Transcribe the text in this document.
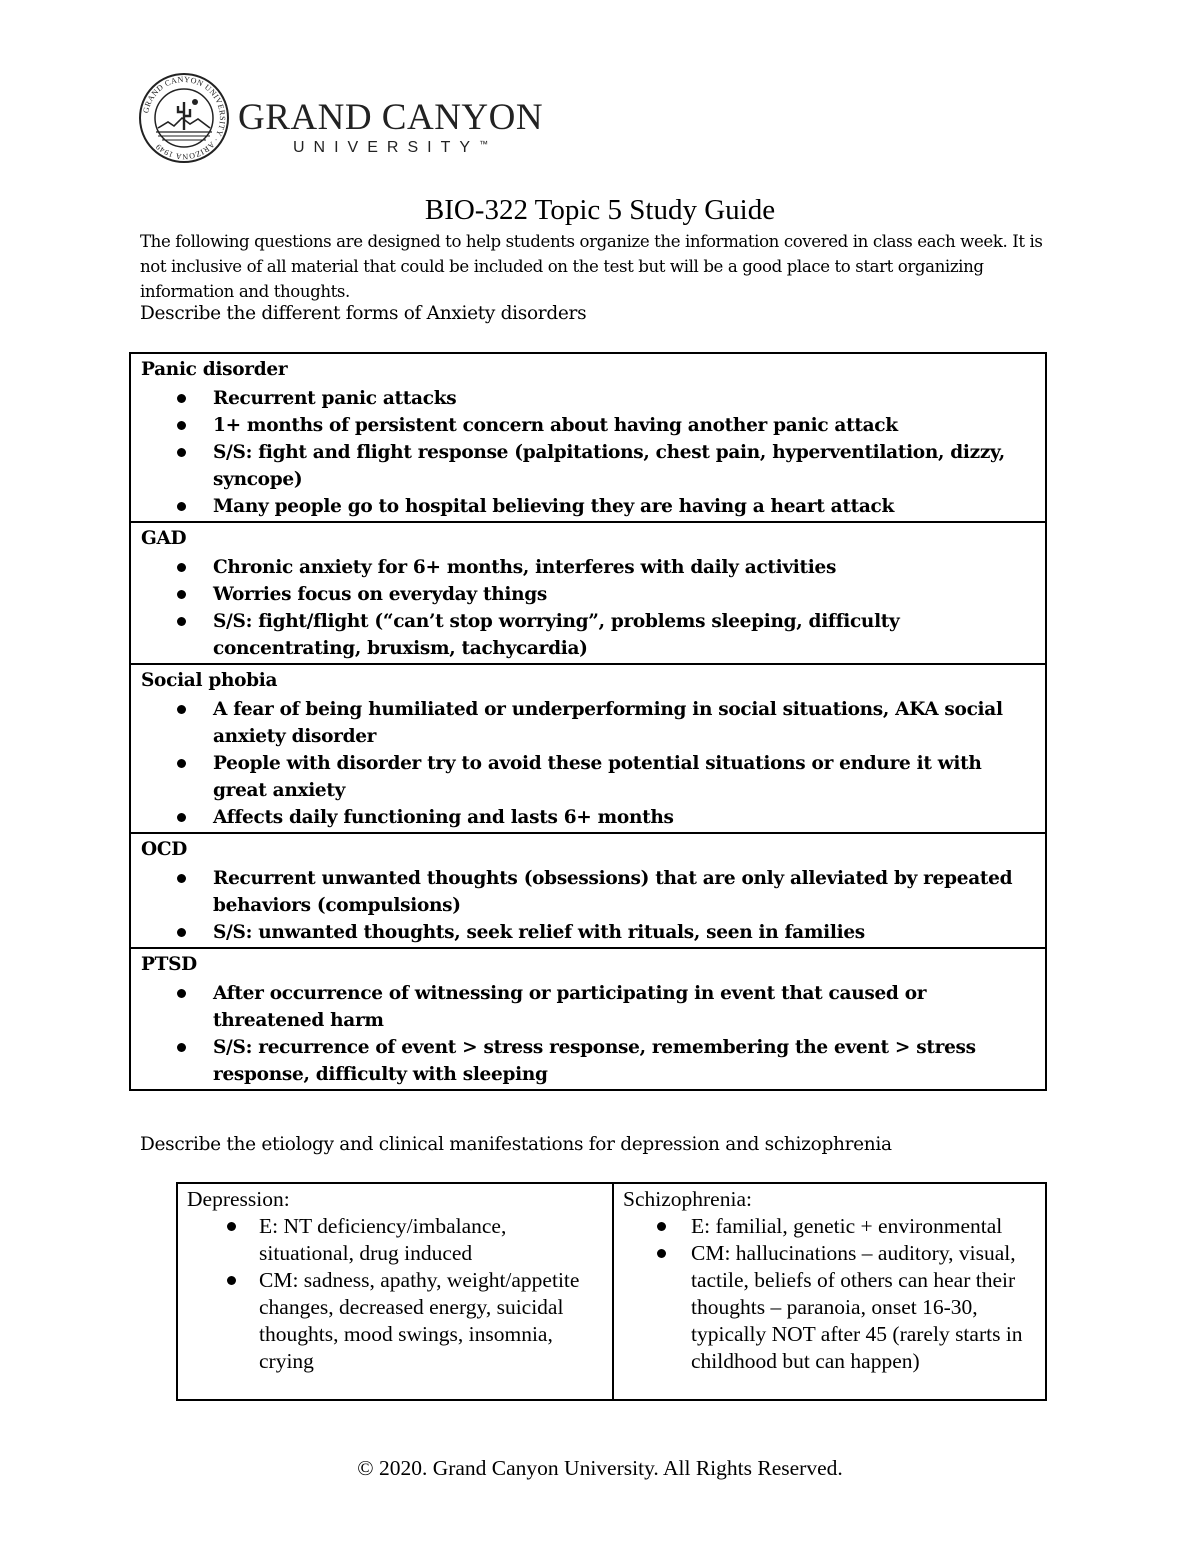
GRAND CANYON UNIVERSITY · ARIZONA 1949
GRAND CANYON
UNIVERSITY™
BIO-322 Topic 5 Study Guide
The following questions are designed to help students organize the information covered in class each week. It is not inclusive of all material that could be included on the test but will be a good place to start organizing information and thoughts.
Describe the different forms of Anxiety disorders
Panic disorder
Recurrent panic attacks
1+ months of persistent concern about having another panic attack
S/S: fight and flight response (palpitations, chest pain, hyperventilation, dizzy, syncope)
Many people go to hospital believing they are having a heart attack
GAD
Chronic anxiety for 6+ months, interferes with daily activities
Worries focus on everyday things
S/S: fight/flight (“can’t stop worrying”, problems sleeping, difficulty concentrating, bruxism, tachycardia)
Social phobia
A fear of being humiliated or underperforming in social situations, AKA social anxiety disorder
People with disorder try to avoid these potential situations or endure it with great anxiety
Affects daily functioning and lasts 6+ months
OCD
Recurrent unwanted thoughts (obsessions) that are only alleviated by repeated behaviors (compulsions)
S/S: unwanted thoughts, seek relief with rituals, seen in families
PTSD
After occurrence of witnessing or participating in event that caused or threatened harm
S/S: recurrence of event > stress response, remembering the event > stress response, difficulty with sleeping
Describe the etiology and clinical manifestations for depression and schizophrenia
Depression:
E: NT deficiency/imbalance, situational, drug induced
CM: sadness, apathy, weight/appetite changes, decreased energy, suicidal thoughts, mood swings, insomnia, crying
Schizophrenia:
E: familial, genetic + environmental
CM: hallucinations – auditory, visual, tactile, beliefs of others can hear their thoughts – paranoia, onset 16-30, typically NOT after 45 (rarely starts in childhood but can happen)
© 2020. Grand Canyon University. All Rights Reserved.
